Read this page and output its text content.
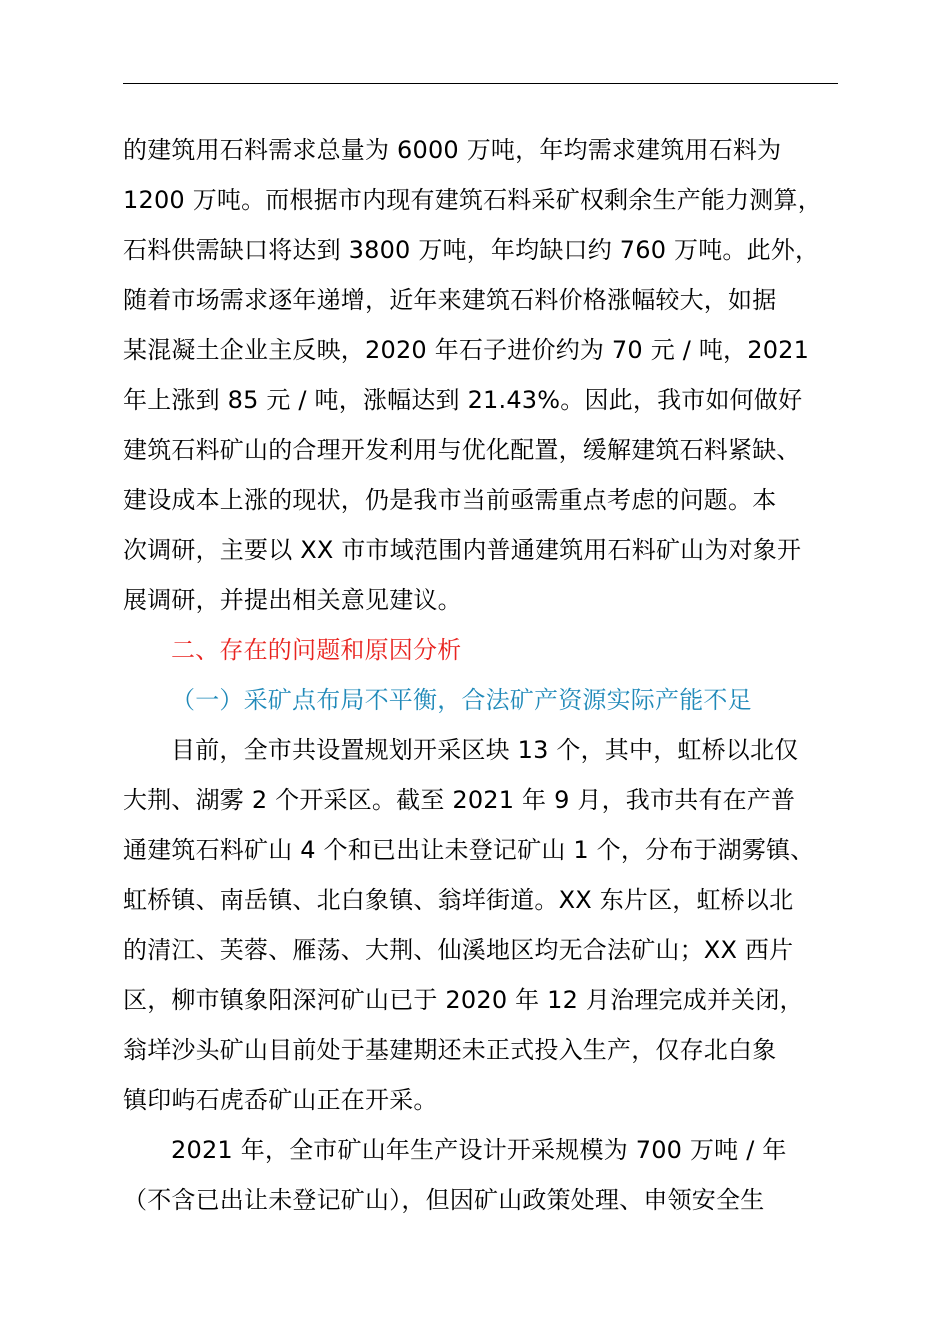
的建筑用石料需求总量为 6000 万吨，年均需求建筑用石料为
1200 万吨。而根据市内现有建筑石料采矿权剩余生产能力测算，
石料供需缺口将达到 3800 万吨，年均缺口约 760 万吨。此外，
随着市场需求逐年递增，近年来建筑石料价格涨幅较大，如据
某混凝土企业主反映，2020 年石子进价约为 70 元 / 吨，2021
年上涨到 85 元 / 吨，涨幅达到 21.43%。因此，我市如何做好
建筑石料矿山的合理开发利用与优化配置，缓解建筑石料紧缺、
建设成本上涨的现状，仍是我市当前亟需重点考虑的问题。本
次调研，主要以 XX 市市域范围内普通建筑用石料矿山为对象开
展调研，并提出相关意见建议。
二、存在的问题和原因分析
（一）采矿点布局不平衡，合法矿产资源实际产能不足
目前，全市共设置规划开采区块 13 个，其中，虹桥以北仅
大荆、湖雾 2 个开采区。截至 2021 年 9 月，我市共有在产普
通建筑石料矿山 4 个和已出让未登记矿山 1 个，分布于湖雾镇、
虹桥镇、南岳镇、北白象镇、翁垟街道。XX 东片区，虹桥以北
的清江、芙蓉、雁荡、大荆、仙溪地区均无合法矿山；XX 西片
区，柳市镇象阳深河矿山已于 2020 年 12 月治理完成并关闭，
翁垟沙头矿山目前处于基建期还未正式投入生产，仅存北白象
镇印屿石虎岙矿山正在开采。
2021 年，全市矿山年生产设计开采规模为 700 万吨 / 年
（不含已出让未登记矿山），但因矿山政策处理、申领安全生
